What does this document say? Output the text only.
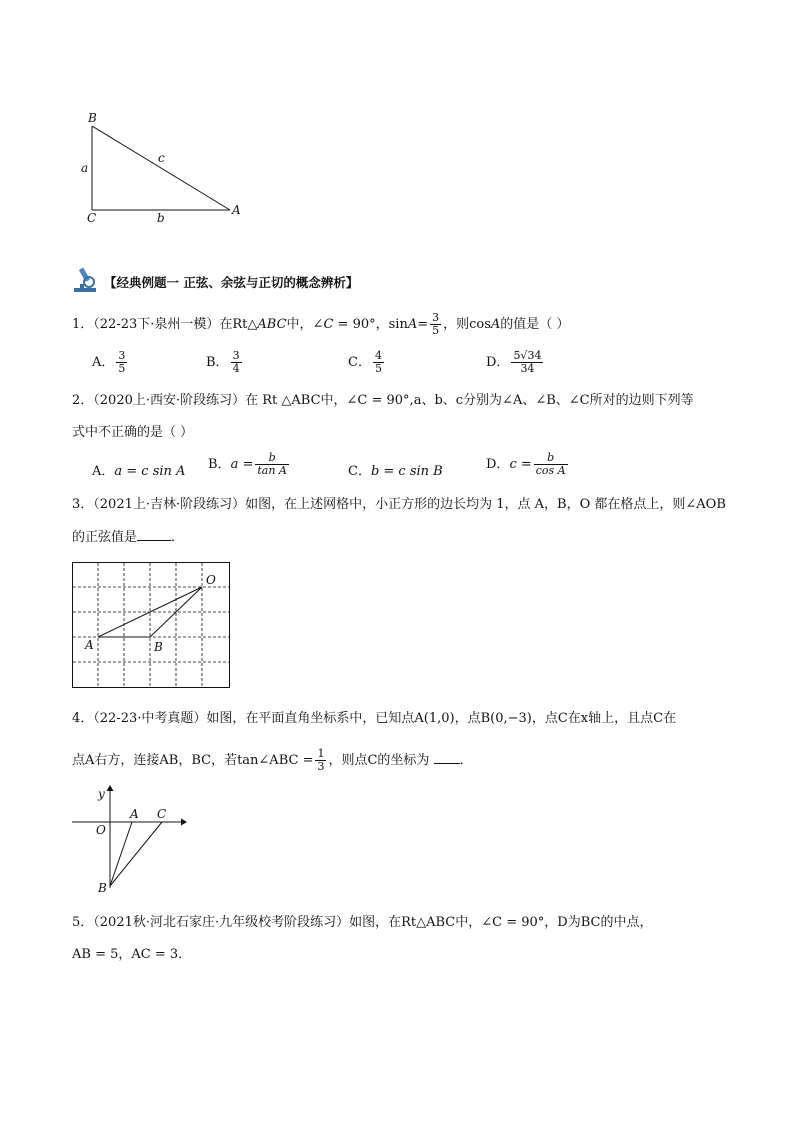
B
C
A
a
b
c
【经典例题一 正弦、余弦与正切的概念辨析】
1．（22-23下·泉州一模）在Rt△ABC中，∠C = 90°，$\sin A= \frac{3}{5}$ ，则cosA的值是（ ）
A． $\frac{3}{5}$	B． $\frac{3}{4}$	C． $\frac{4}{5}$	D． $\frac{5√34}{34}$
2．（2020上·西安·阶段练习）在 Rt △ABC中，∠C = 90°,a、b、c分别为∠A、∠B、∠C所对的边则下列等
式中不正确的是（ ）
A．a = c sin A B．$a = \frac{b}{\text{tan A}}$	C．b = c sin B	D．$c = \frac{b}{\text{cos A}}$
3．（2021上·吉林·阶段练习）如图，在上述网格中，小正方形的边长均为 1，点 A，B，O 都在格点上，则∠AOB
的正弦值是	．
O
A	B
4．（22-23·中考真题）如图，在平面直角坐标系中，已知点A(1,0)，点B(0,−3)，点C在x轴上，且点C在
点A右方，连接AB，BC，若tan∠ABC = $\frac{1}{3}$ ，则点C的坐标为 ．
y
O
A C
B
5．（2021秋·河北石家庄·九年级校考阶段练习）如图，在Rt△ABC中，∠C = 90°，D为BC的中点，
AB = 5，AC = 3．
